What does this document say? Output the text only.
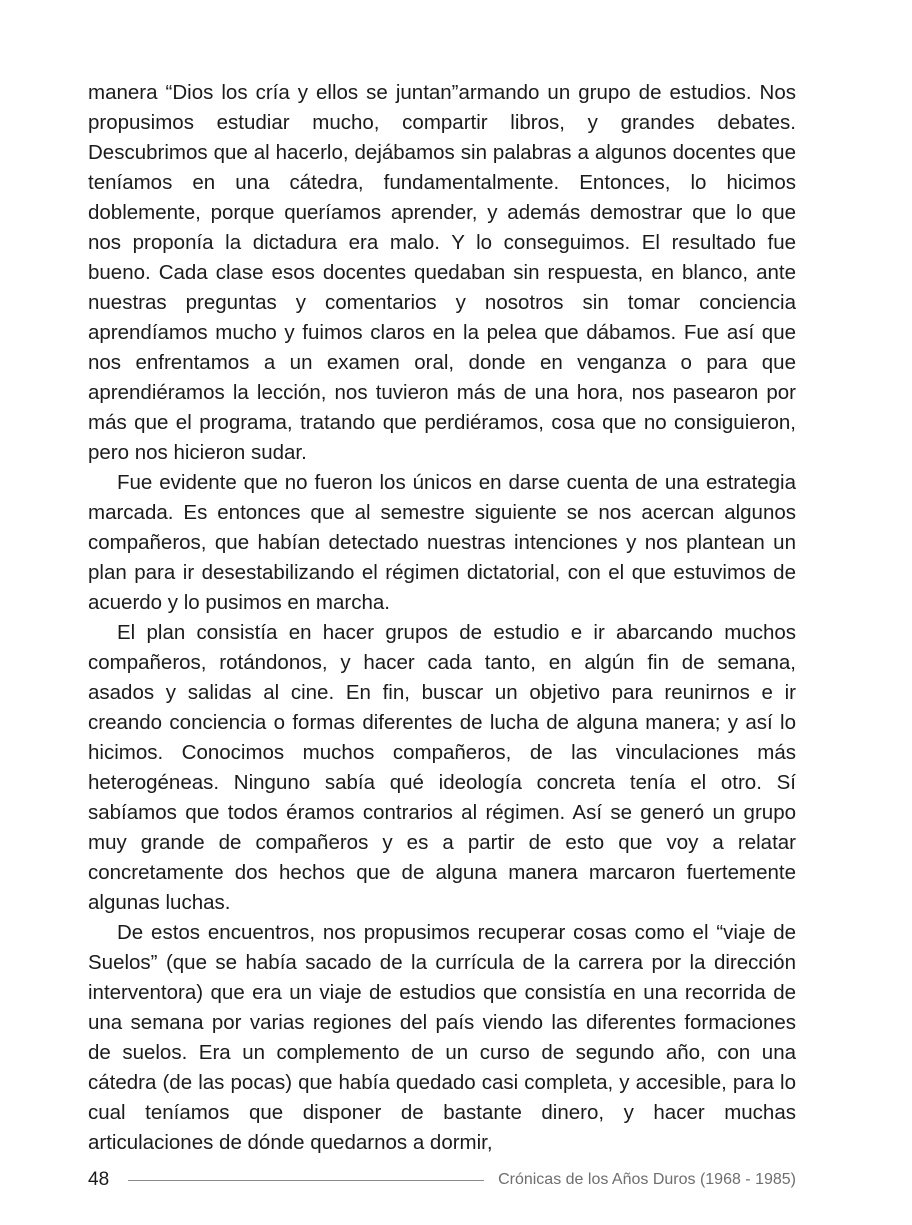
manera “Dios los cría y ellos se juntan”armando un grupo de estudios. Nos propusimos estudiar mucho, compartir libros, y grandes debates. Descubrimos que al hacerlo, dejábamos sin palabras a algunos docentes que teníamos en una cátedra, fundamentalmente. Entonces, lo hicimos doblemente, porque queríamos aprender, y además demostrar que lo que nos proponía la dictadura era malo. Y lo conseguimos. El resultado fue bueno. Cada clase esos docentes quedaban sin respuesta, en blanco, ante nuestras preguntas y comentarios y nosotros sin tomar conciencia aprendíamos mucho y fuimos claros en la pelea que dábamos. Fue así que nos enfrentamos a un examen oral, donde en venganza o para que aprendiéramos la lección, nos tuvieron más de una hora, nos pasearon por más que el programa, tratando que perdiéramos, cosa que no consiguieron, pero nos hicieron sudar.

Fue evidente que no fueron los únicos en darse cuenta de una estrategia marcada. Es entonces que al semestre siguiente se nos acercan algunos compañeros, que habían detectado nuestras intenciones y nos plantean un plan para ir desestabilizando el régimen dictatorial, con el que estuvimos de acuerdo y lo pusimos en marcha.

El plan consistía en hacer grupos de estudio e ir abarcando muchos compañeros, rotándonos, y hacer cada tanto, en algún fin de semana, asados y salidas al cine. En fin, buscar un objetivo para reunirnos e ir creando conciencia o formas diferentes de lucha de alguna manera; y así lo hicimos. Conocimos muchos compañeros, de las vinculaciones más heterogéneas. Ninguno sabía qué ideología concreta tenía el otro. Sí sabíamos que todos éramos contrarios al régimen. Así se generó un grupo muy grande de compañeros y es a partir de esto que voy a relatar concretamente dos hechos que de alguna manera marcaron fuertemente algunas luchas.

De estos encuentros, nos propusimos recuperar cosas como el “viaje de Suelos” (que se había sacado de la currícula de la carrera por la dirección interventora) que era un viaje de estudios que consistía en una recorrida de una semana por varias regiones del país viendo las diferentes formaciones de suelos. Era un complemento de un curso de segundo año, con una cátedra (de las pocas) que había quedado casi completa, y accesible, para lo cual teníamos que disponer de bastante dinero, y hacer muchas articulaciones de dónde quedarnos a dormir,

48	Crónicas de los Años Duros (1968 - 1985)
